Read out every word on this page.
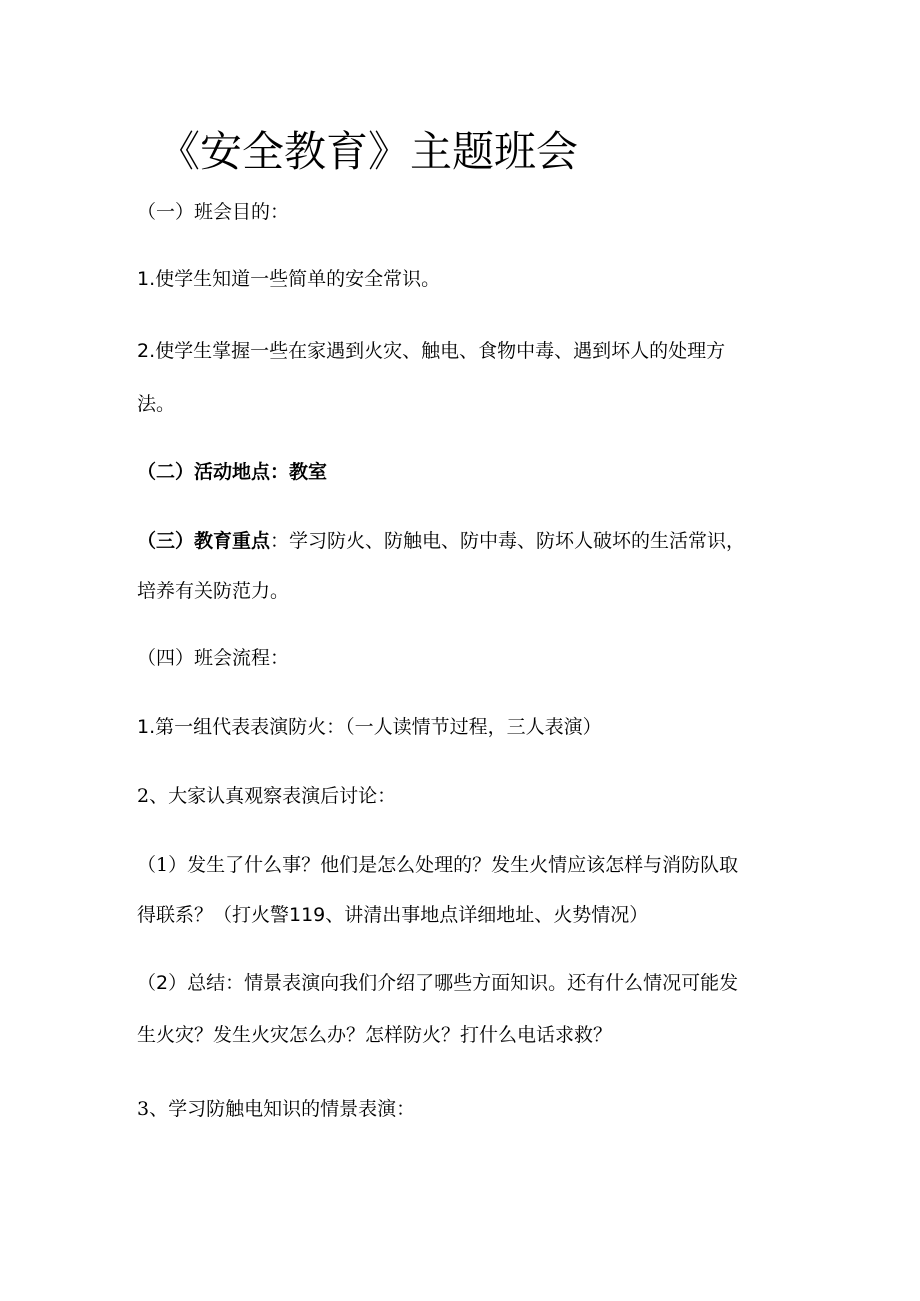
《安全教育》主题班会
（一）班会目的：
1.使学生知道一些简单的安全常识。
2.使学生掌握一些在家遇到火灾、触电、食物中毒、遇到坏人的处理方
法。
（二）活动地点：教室
（三）教育重点：学习防火、防触电、防中毒、防坏人破坏的生活常识，
培养有关防范力。
（四）班会流程：
1.第一组代表表演防火：（一人读情节过程，三人表演）
2、大家认真观察表演后讨论：
（1）发生了什么事？他们是怎么处理的？发生火情应该怎样与消防队取
得联系？（打火警119、讲清出事地点详细地址、火势情况）
（2）总结：情景表演向我们介绍了哪些方面知识。还有什么情况可能发
生火灾？发生火灾怎么办？怎样防火？打什么电话求救？
3、学习防触电知识的情景表演：
